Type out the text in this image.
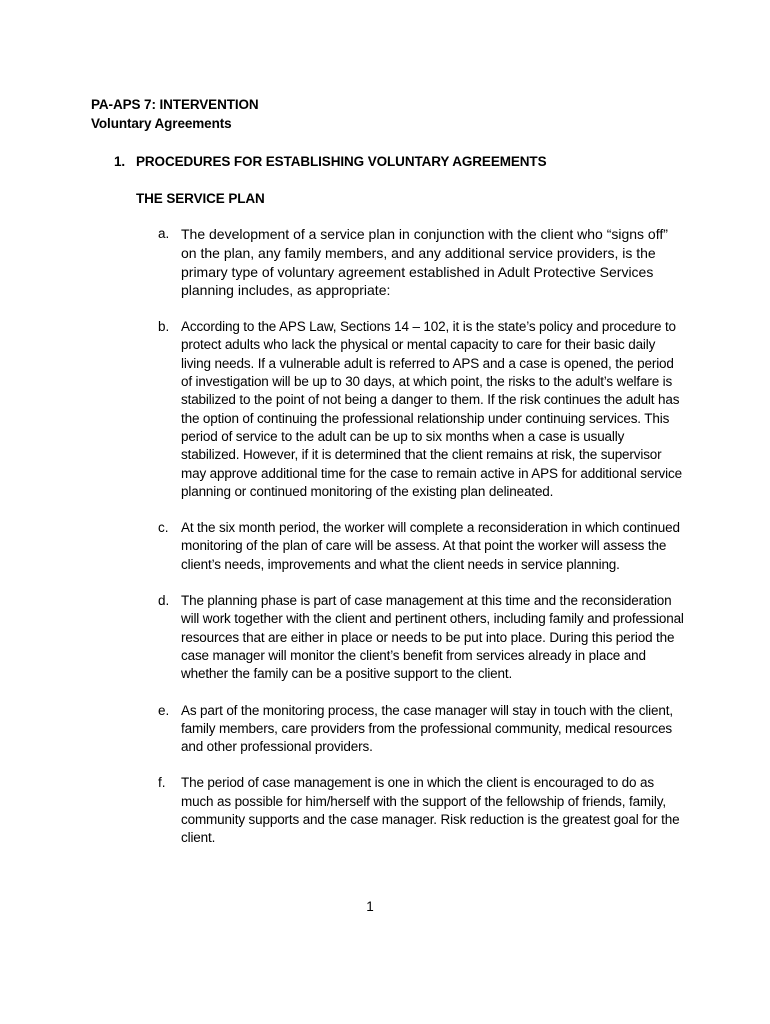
PA-APS 7: INTERVENTION
Voluntary Agreements
1. PROCEDURES FOR ESTABLISHING VOLUNTARY AGREEMENTS
THE SERVICE PLAN
a. The development of a service plan in conjunction with the client who “signs off” on the plan, any family members, and any additional service providers, is the primary type of voluntary agreement established in Adult Protective Services planning includes, as appropriate:
b. According to the APS Law, Sections 14 – 102, it is the state’s policy and procedure to protect adults who lack the physical or mental capacity to care for their basic daily living needs. If a vulnerable adult is referred to APS and a case is opened, the period of investigation will be up to 30 days, at which point, the risks to the adult’s welfare is stabilized to the point of not being a danger to them. If the risk continues the adult has the option of continuing the professional relationship under continuing services. This period of service to the adult can be up to six months when a case is usually stabilized. However, if it is determined that the client remains at risk, the supervisor may approve additional time for the case to remain active in APS for additional service planning or continued monitoring of the existing plan delineated.
c. At the six month period, the worker will complete a reconsideration in which continued monitoring of the plan of care will be assess. At that point the worker will assess the client’s needs, improvements and what the client needs in service planning.
d. The planning phase is part of case management at this time and the reconsideration will work together with the client and pertinent others, including family and professional resources that are either in place or needs to be put into place. During this period the case manager will monitor the client’s benefit from services already in place and whether the family can be a positive support to the client.
e. As part of the monitoring process, the case manager will stay in touch with the client, family members, care providers from the professional community, medical resources and other professional providers.
f.	The period of case management is one in which the client is encouraged to do as much as possible for him/herself with the support of the fellowship of friends, family, community supports and the case manager. Risk reduction is the greatest goal for the client.
1
